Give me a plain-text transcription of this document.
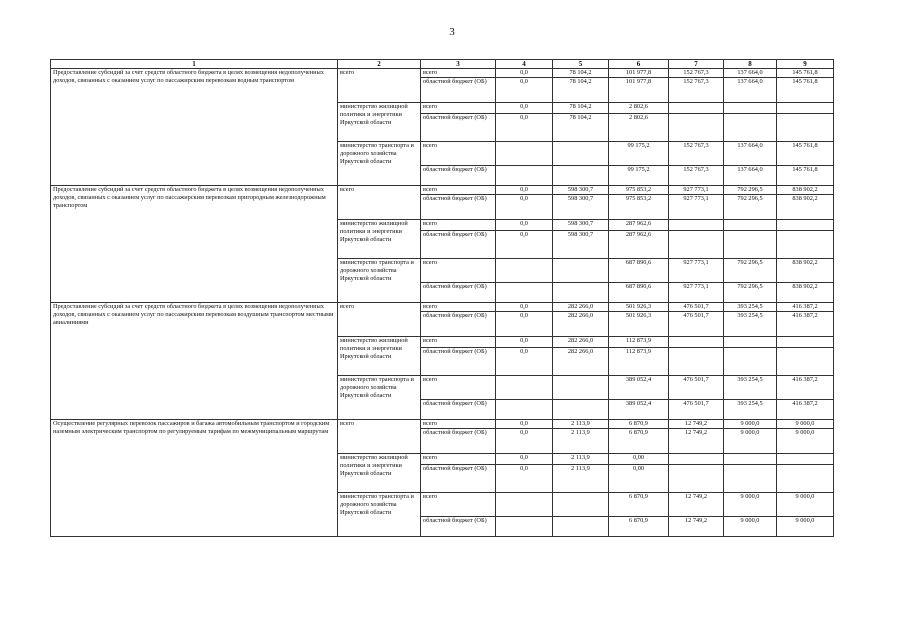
3
1	2	3	4	5	6	7	8	9
Предоставление субсидий за счет средств областного бюджета в целях возмещения недополученных доходов, связанных с оказанием услуг по пассажирским перевозкам водным транспортом	всего	всего	0,0	78 104,2	101 977,8	152 767,3	137 664,0	145 761,8
		областной бюджет (ОБ)	0,0	78 104,2	101 977,8	152 767,3	137 664,0	145 761,8
	министерство жилищной политики и энергетики Иркутской области	всего	0,0	78 104,2	2 802,6			
		областной бюджет (ОБ)	0,0	78 104,2	2 802,6			
	министерство транспорта и дорожного хозяйства Иркутской области	всего			99 175,2	152 767,3	137 664,0	145 761,8
		областной бюджет (ОБ)			99 175,2	152 767,3	137 664,0	145 761,8
Предоставление субсидий за счет средств областного бюджета в целях возмещения недополученных доходов, связанных с оказанием услуг по пассажирским перевозкам пригородным железнодорожным транспортом	всего	всего	0,0	598 300,7	975 853,2	927 773,1	792 296,5	838 902,2
		областной бюджет (ОБ)	0,0	598 300,7	975 853,2	927 773,1	792 296,5	838 902,2
	министерство жилищной политики и энергетики Иркутской области	всего	0,0	598 300,7	287 962,6			
		областной бюджет (ОБ)	0,0	598 300,7	287 962,6			
	министерство транспорта и дорожного хозяйства Иркутской области	всего			687 890,6	927 773,1	792 296,5	838 902,2
		областной бюджет (ОБ)			687 890,6	927 773,1	792 296,5	838 902,2
Предоставление субсидий за счет средств областного бюджета в целях возмещения недополученных доходов, связанных с оказанием услуг по пассажирским перевозкам воздушным транспортом местными авиалиниями	всего	всего	0,0	282 266,0	501 926,3	476 501,7	393 254,5	416 387,2
		областной бюджет (ОБ)	0,0	282 266,0	501 926,3	476 501,7	393 254,5	416 387,2
	министерство жилищной политики и энергетики Иркутской области	всего	0,0	282 266,0	112 873,9			
		областной бюджет (ОБ)	0,0	282 266,0	112 873,9			
	министерство транспорта и дорожного хозяйства Иркутской области	всего			389 052,4	476 501,7	393 254,5	416 387,2
		областной бюджет (ОБ)			389 052,4	476 501,7	393 254,5	416 387,2
Осуществление регулярных перевозок пассажиров и багажа автомобильным транспортом и городским наземным электрическим транспортом по регулируемым тарифам по межмуниципальным маршрутам	всего	всего	0,0	2 113,9	6 870,9	12 749,2	9 000,0	9 000,0
		областной бюджет (ОБ)	0,0	2 113,9	6 870,9	12 749,2	9 000,0	9 000,0
	министерство жилищной политики и энергетики Иркутской области	всего	0,0	2 113,9	0,00			
		областной бюджет (ОБ)	0,0	2 113,9	0,00			
	министерство транспорта и дорожного хозяйства Иркутской области	всего			6 870,9	12 749,2	9 000,0	9 000,0
		областной бюджет (ОБ)			6 870,9	12 749,2	9 000,0	9 000,0
